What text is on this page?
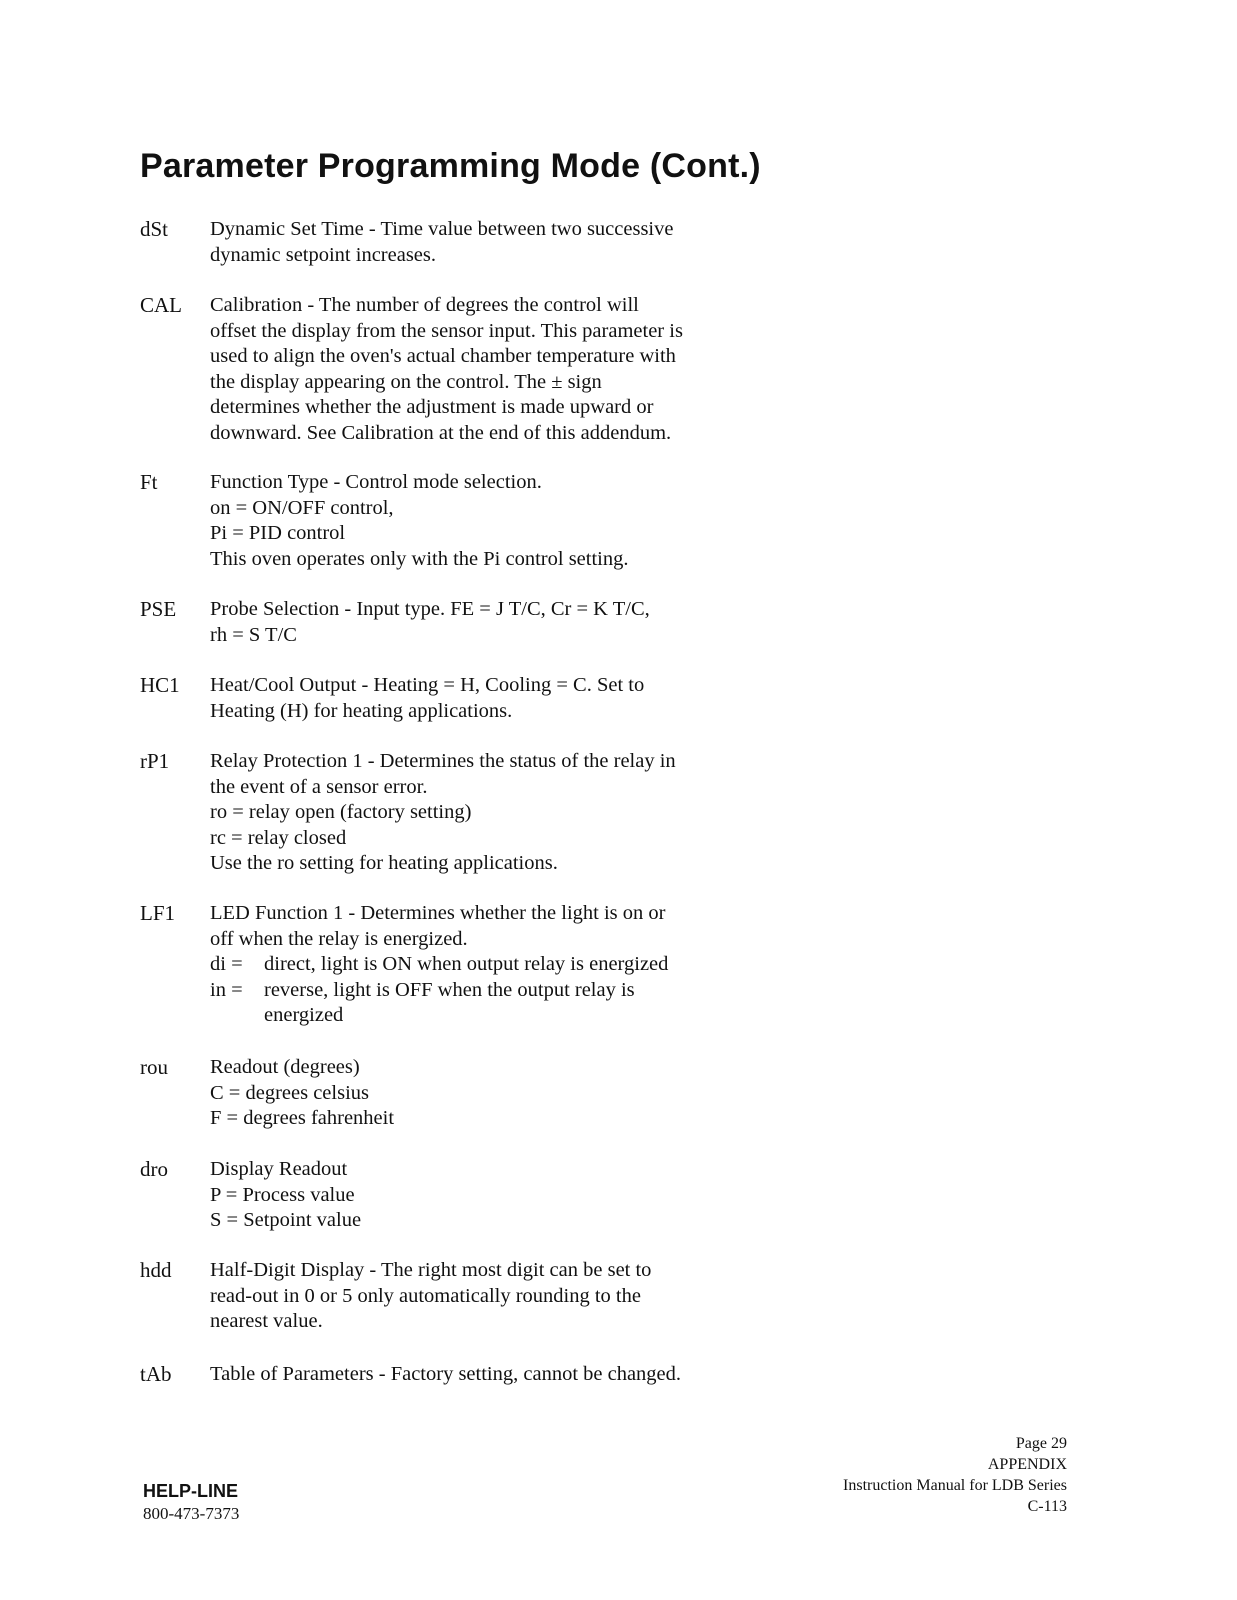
Parameter Programming Mode (Cont.)
dSt Dynamic Set Time - Time value between two successive
dynamic setpoint increases.
CAL Calibration - The number of degrees the control will
offset the display from the sensor input. This parameter is
used to align the oven's actual chamber temperature with
the display appearing on the control. The ± sign
determines whether the adjustment is made upward or
downward. See Calibration at the end of this addendum.
Ft	Function Type - Control mode selection.
on = ON/OFF control,
Pi = PID control
This oven operates only with the Pi control setting.
PSE Probe Selection - Input type. FE = J T/C, Cr = K T/C,
rh = S T/C
HC1 Heat/Cool Output - Heating = H, Cooling = C. Set to
Heating (H) for heating applications.
rP1 Relay Protection 1 - Determines the status of the relay in
the event of a sensor error.
ro = relay open (factory setting)
rc = relay closed
Use the ro setting for heating applications.
LF1 LED Function 1 - Determines whether the light is on or
off when the relay is energized.
di = direct, light is ON when output relay is energized
in = reverse, light is OFF when the output relay is
energized
rou Readout (degrees)
C = degrees celsius
F = degrees fahrenheit
dro Display Readout
P = Process value
S = Setpoint value
hdd Half-Digit Display - The right most digit can be set to
read-out in 0 or 5 only automatically rounding to the
nearest value.
tAb Table of Parameters - Factory setting, cannot be changed.
HELP-LINE
800-473-7373
Page 29
APPENDIX
Instruction Manual for LDB Series
C-113
